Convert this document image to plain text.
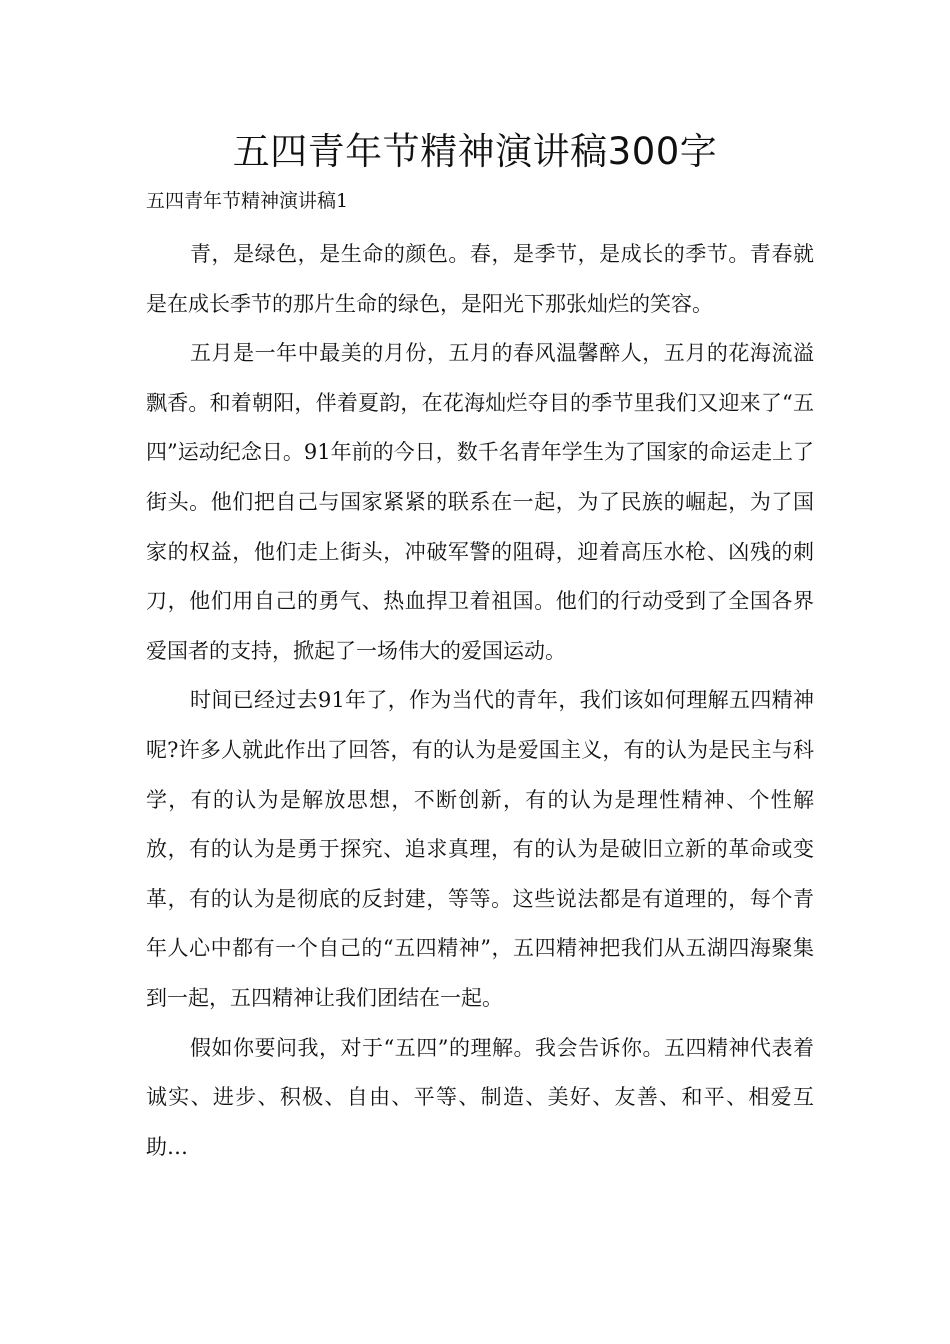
五四青年节精神演讲稿300字

五四青年节精神演讲稿1

青，是绿色，是生命的颜色。春，是季节，是成长的季节。青春就是在成长季节的那片生命的绿色，是阳光下那张灿烂的笑容。

五月是一年中最美的月份，五月的春风温馨醉人，五月的花海流溢飘香。和着朝阳，伴着夏韵，在花海灿烂夺目的季节里我们又迎来了“五四”运动纪念日。91年前的今日，数千名青年学生为了国家的命运走上了街头。他们把自己与国家紧紧的联系在一起，为了民族的崛起，为了国家的权益，他们走上街头，冲破军警的阻碍，迎着高压水枪、凶残的刺刀，他们用自己的勇气、热血捍卫着祖国。他们的行动受到了全国各界爱国者的支持，掀起了一场伟大的爱国运动。

时间已经过去91年了，作为当代的青年，我们该如何理解五四精神呢?许多人就此作出了回答，有的认为是爱国主义，有的认为是民主与科学，有的认为是解放思想，不断创新，有的认为是理性精神、个性解放，有的认为是勇于探究、追求真理，有的认为是破旧立新的革命或变革，有的认为是彻底的反封建，等等。这些说法都是有道理的，每个青年人心中都有一个自己的“五四精神”，五四精神把我们从五湖四海聚集到一起，五四精神让我们团结在一起。

假如你要问我，对于“五四”的理解。我会告诉你。五四精神代表着诚实、进步、积极、自由、平等、制造、美好、友善、和平、相爱互助…
